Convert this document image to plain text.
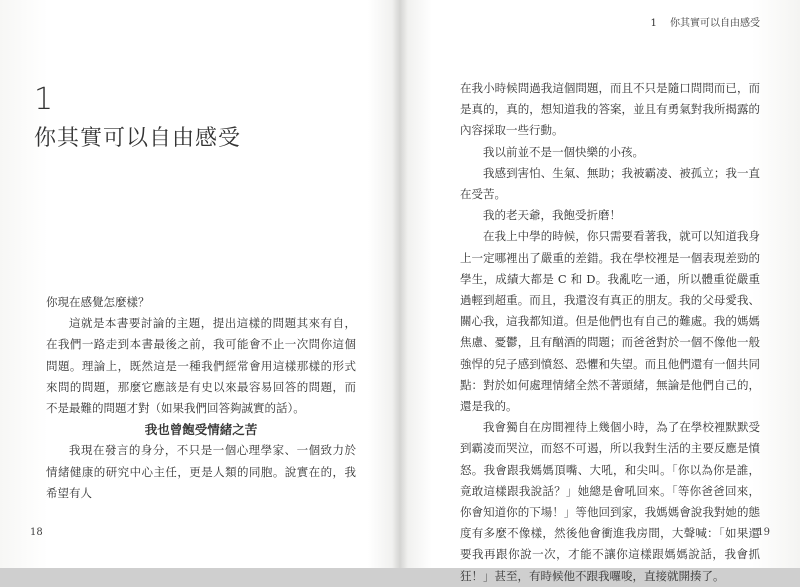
1
你其實可以自由感受

你現在感覺怎麼樣？

這就是本書要討論的主題，提出這樣的問題其來有自，在我們一路走到本書最後之前，我可能會不止一次問你這個問題。理論上，既然這是一種我們經常會用這樣那樣的形式來問的問題，那麼它應該是有史以來最容易回答的問題，而不是最難的問題才對（如果我們回答夠誠實的話）。

我也曾飽受情緒之苦

我現在發言的身分，不只是一個心理學家、一個致力於情緒健康的研究中心主任，更是人類的同胞。說實在的，我希望有人

18
1 你其實可以自由感受

在我小時候問過我這個問題，而且不只是隨口問問而已，而是真的，真的，想知道我的答案，並且有勇氣對我所揭露的內容採取一些行動。

我以前並不是一個快樂的小孩。

我感到害怕、生氣、無助；我被霸凌、被孤立；我一直在受苦。

我的老天爺，我飽受折磨！

在我上中學的時候，你只需要看著我，就可以知道我身上一定哪裡出了嚴重的差錯。我在學校裡是一個表現差勁的學生，成績大都是 C 和 D。我亂吃一通，所以體重從嚴重過輕到超重。而且，我還沒有真正的朋友。我的父母愛我、關心我，這我都知道。但是他們也有自己的難處。我的媽媽焦慮、憂鬱，且有酗酒的問題；而爸爸對於一個不像他一般強悍的兒子感到憤怒、恐懼和失望。而且他們還有一個共同點：對於如何處理情緒全然不著頭緒，無論是他們自己的，還是我的。

我會獨自在房間裡待上幾個小時，為了在學校裡默默受到霸凌而哭泣，而怒不可遏，所以我對生活的主要反應是憤怒。我會跟我媽媽頂嘴、大吼，和尖叫。「你以為你是誰，竟敢這樣跟我說話？」她總是會吼回來。「等你爸爸回來，你會知道你的下場！」等他回到家，我媽媽會說我對她的態度有多麼不像樣，然後他會衝進我房間，大聲喊：「如果還要我再跟你說一次，才能不讓你這樣跟媽媽說話，我會抓狂！」甚至，有時候他不跟我囉唆，直接就開揍了。

19
